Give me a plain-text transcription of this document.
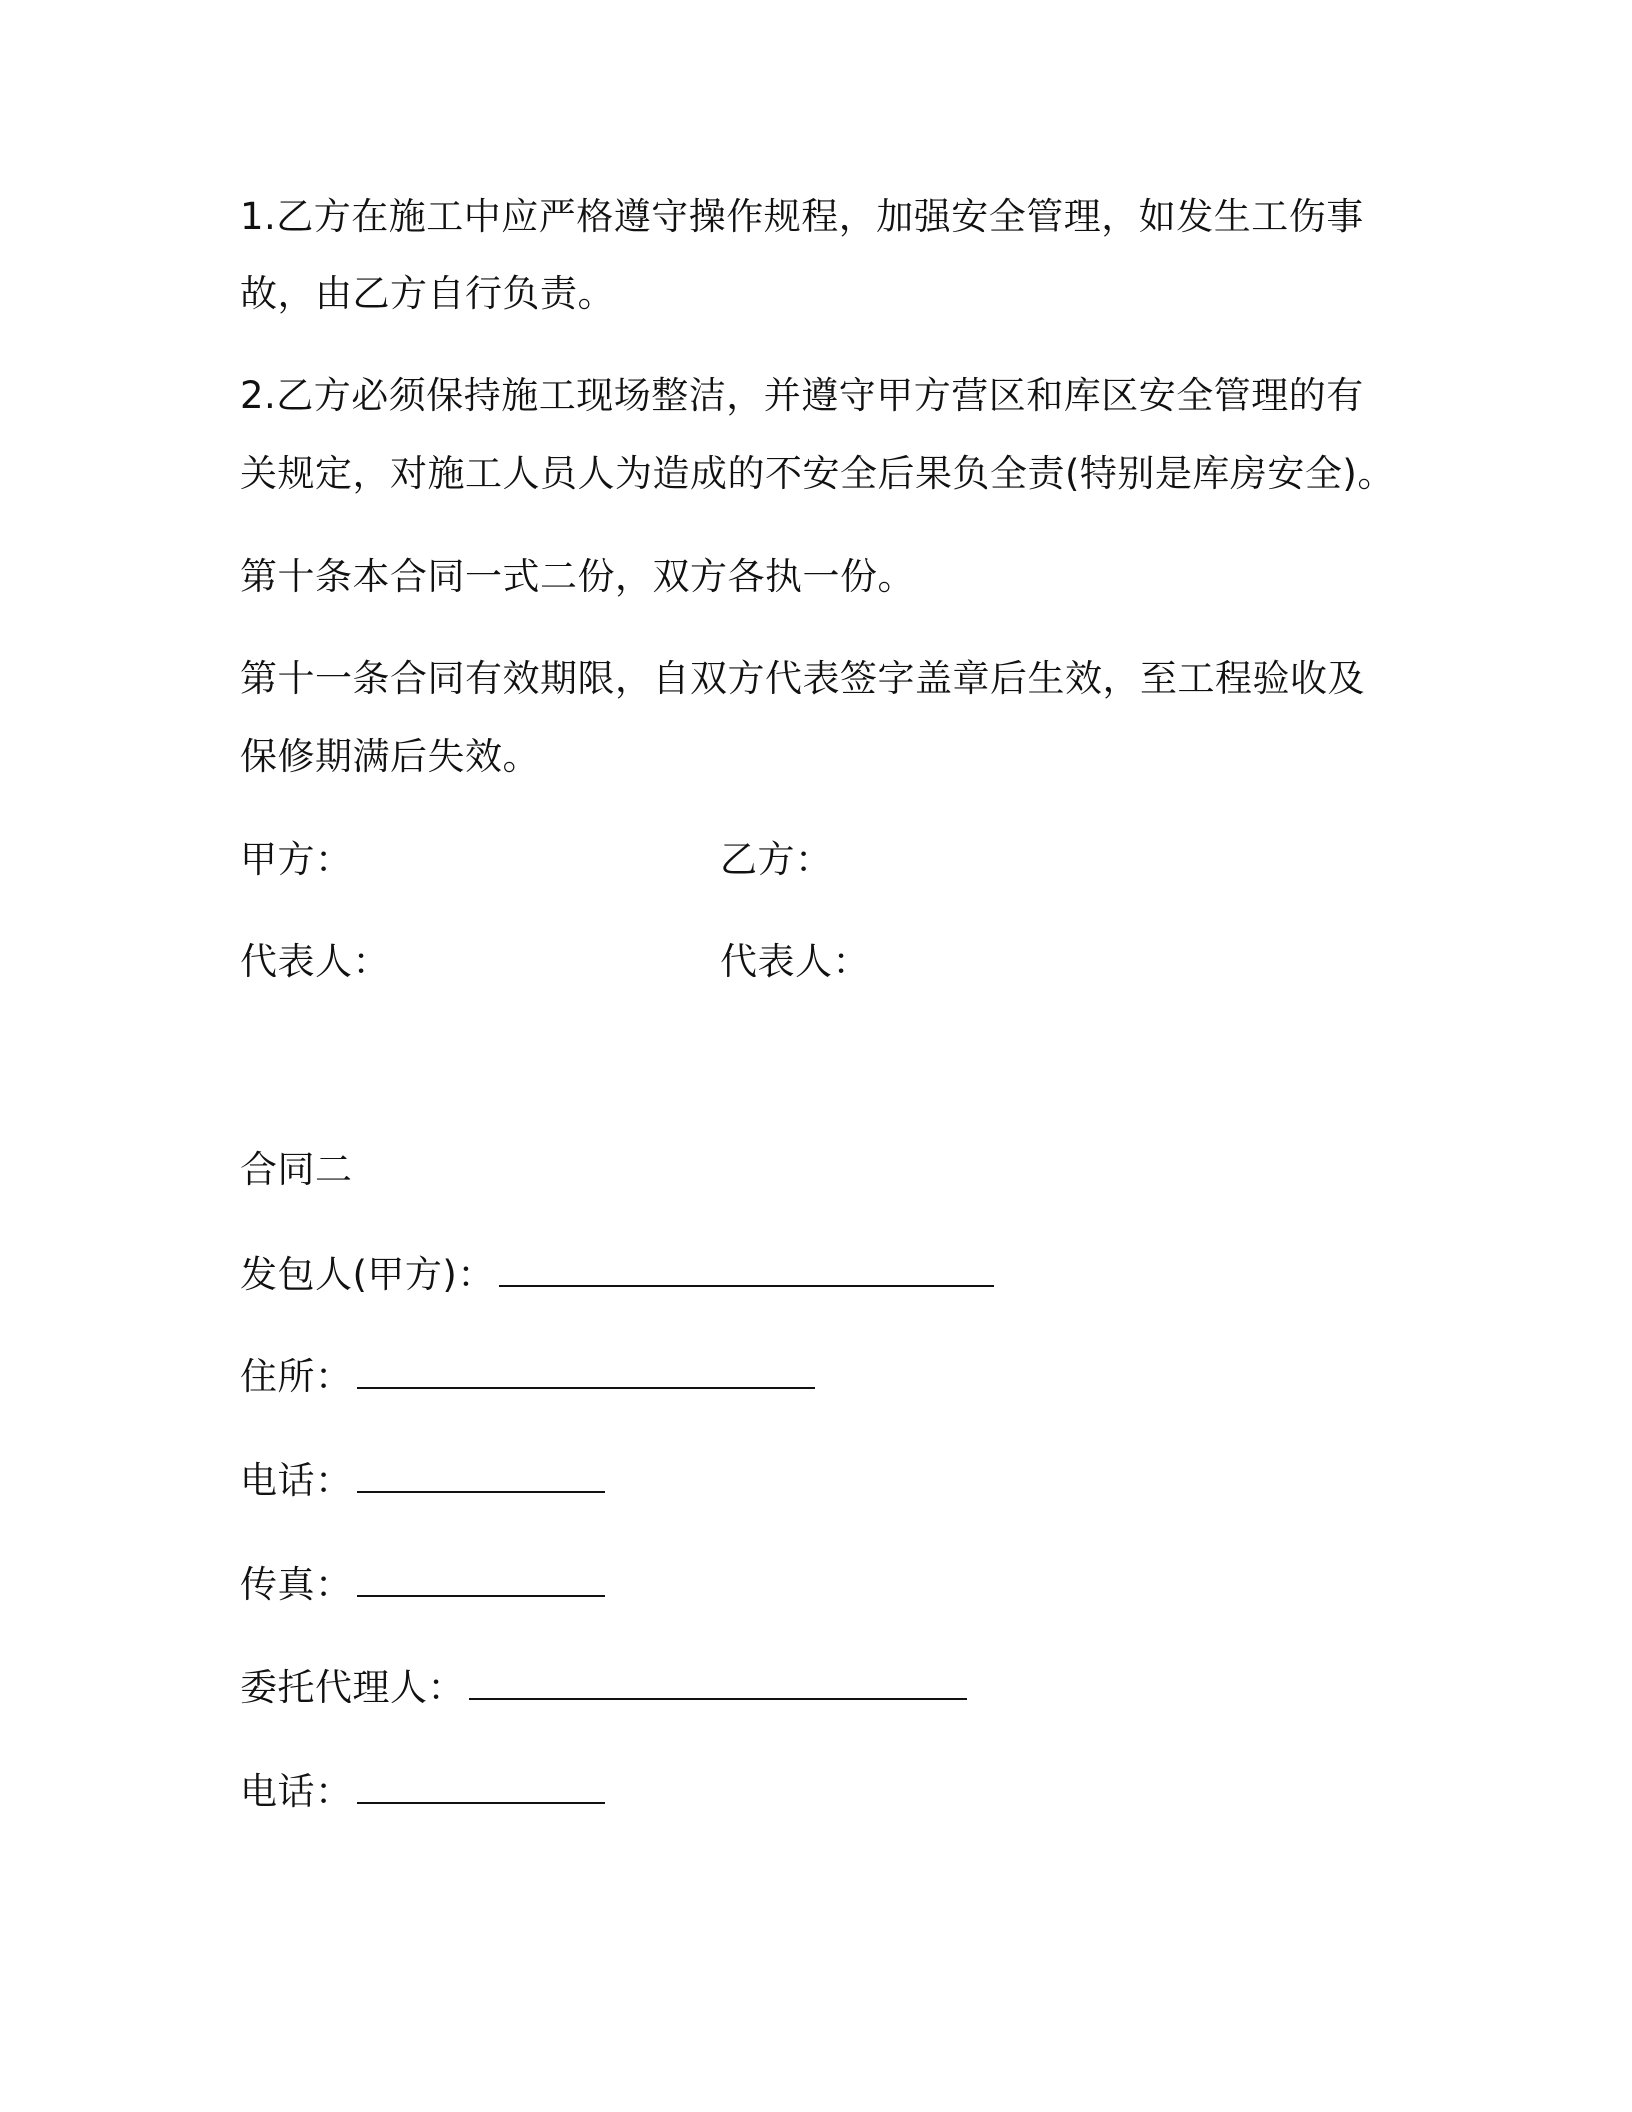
1.乙方在施工中应严格遵守操作规程，加强安全管理，如发生工伤事
故，由乙方自行负责。
2.乙方必须保持施工现场整洁，并遵守甲方营区和库区安全管理的有
关规定，对施工人员人为造成的不安全后果负全责(特别是库房安全)。
第十条本合同一式二份，双方各执一份。
第十一条合同有效期限，自双方代表签字盖章后生效，至工程验收及
保修期满后失效。
甲方：	乙方：
代表人：	代表人：
合同二
发包人(甲方)：
住所：
电话：
传真：
委托代理人：
电话：
